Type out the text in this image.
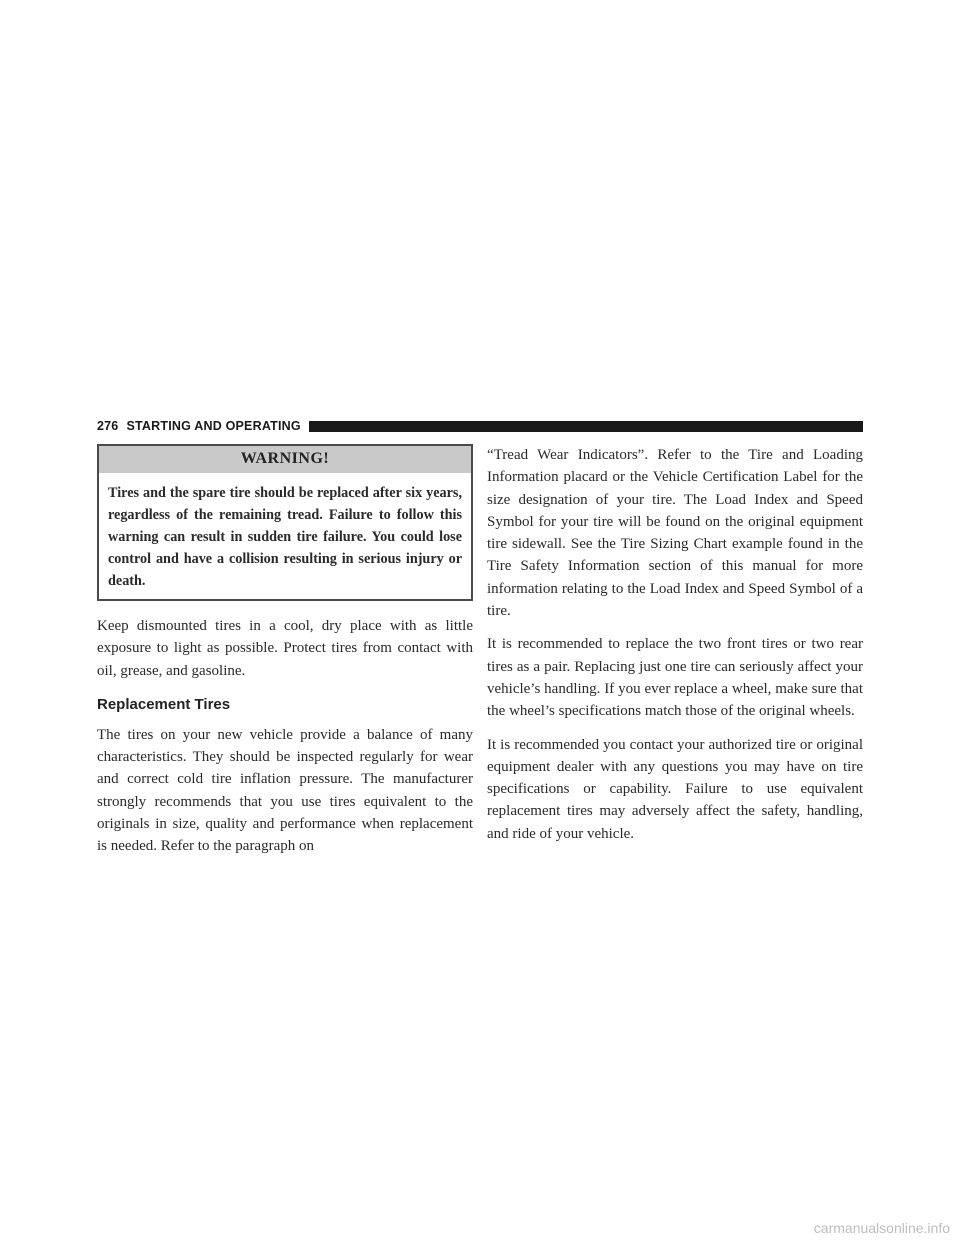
276 STARTING AND OPERATING
WARNING!
Tires and the spare tire should be replaced after six years, regardless of the remaining tread. Failure to follow this warning can result in sudden tire failure. You could lose control and have a collision resulting in serious injury or death.

Keep dismounted tires in a cool, dry place with as little exposure to light as possible. Protect tires from contact with oil, grease, and gasoline.

Replacement Tires

The tires on your new vehicle provide a balance of many characteristics. They should be inspected regularly for wear and correct cold tire inflation pressure. The manufacturer strongly recommends that you use tires equivalent to the originals in size, quality and performance when replacement is needed. Refer to the paragraph on

“Tread Wear Indicators”. Refer to the Tire and Loading Information placard or the Vehicle Certification Label for the size designation of your tire. The Load Index and Speed Symbol for your tire will be found on the original equipment tire sidewall. See the Tire Sizing Chart example found in the Tire Safety Information section of this manual for more information relating to the Load Index and Speed Symbol of a tire.

It is recommended to replace the two front tires or two rear tires as a pair. Replacing just one tire can seriously affect your vehicle’s handling. If you ever replace a wheel, make sure that the wheel’s specifications match those of the original wheels.

It is recommended you contact your authorized tire or original equipment dealer with any questions you may have on tire specifications or capability. Failure to use equivalent replacement tires may adversely affect the safety, handling, and ride of your vehicle.

carmanualsonline.info
